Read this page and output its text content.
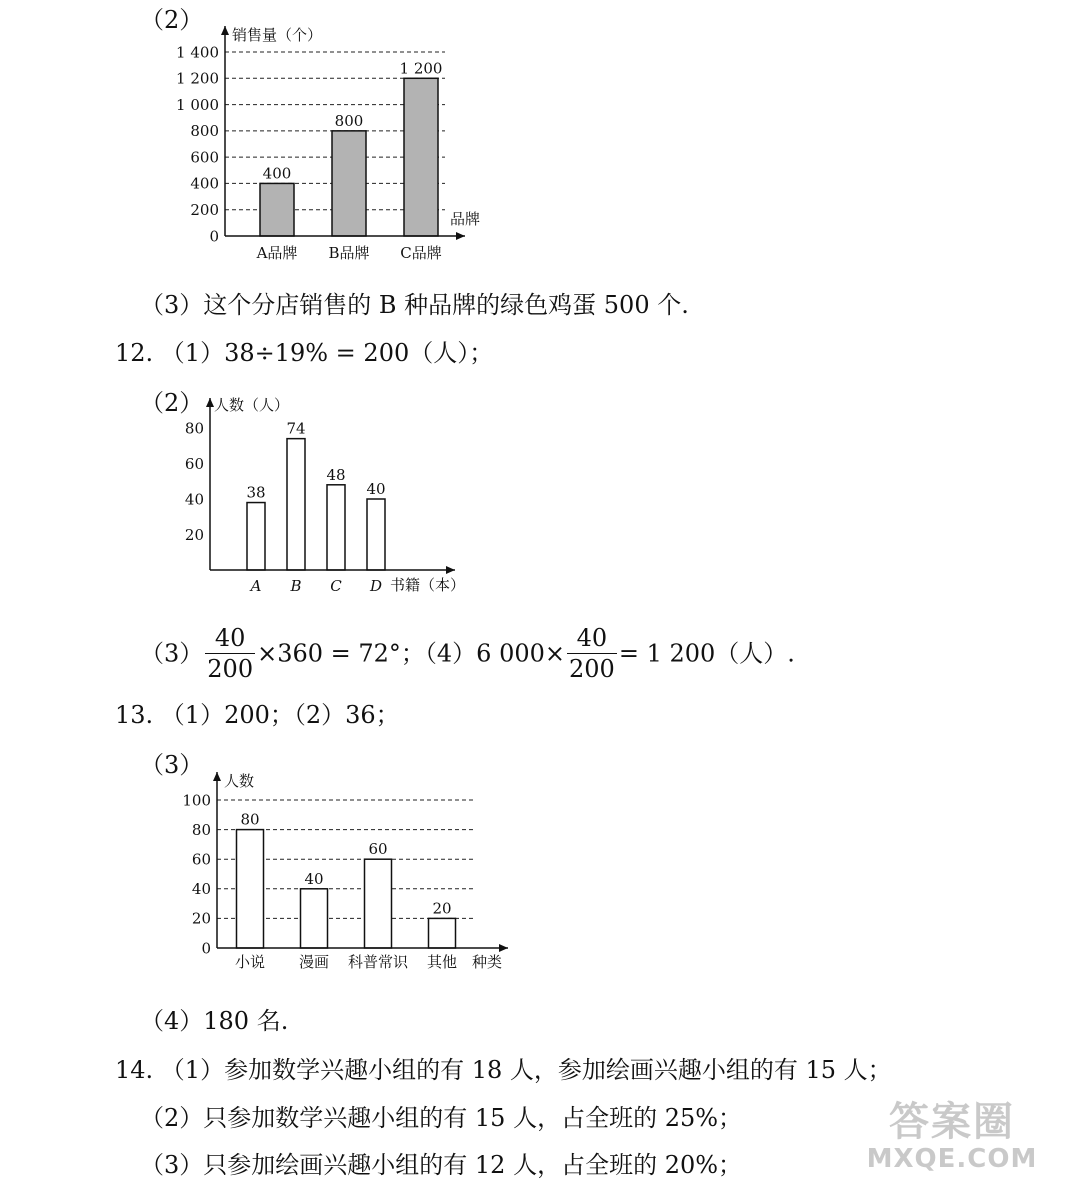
（2）
400
A品牌
800
B品牌
1 200
C品牌
0
200
400
600
800
1 000
1 200
1 400
销售量（个）
品牌
（3）这个分店销售的 B 种品牌的绿色鸡蛋 500 个.
12. （1）38÷19% = 200（人）；
（2）
38
A
74
B
48
C
40
D
20
40
60
80
人数（人）
书籍（本）
$(3) \frac{40}{200} \times 360 = 72^\circ$；（4）6 $000\times \frac{40}{200} = 1$ 200（人）.
13. （1）200；（2）36；
（3）
80
小说
40
漫画
60
科普常识
20
其他
0
20
40
60
80
100
人数
种类
（4）180 名.
14. （1）参加数学兴趣小组的有 18 人，参加绘画兴趣小组的有 15 人；
（2）只参加数学兴趣小组的有 15 人，占全班的 25%；
（3）只参加绘画兴趣小组的有 12 人，占全班的 20%；
答案圈
MXQE.COM
